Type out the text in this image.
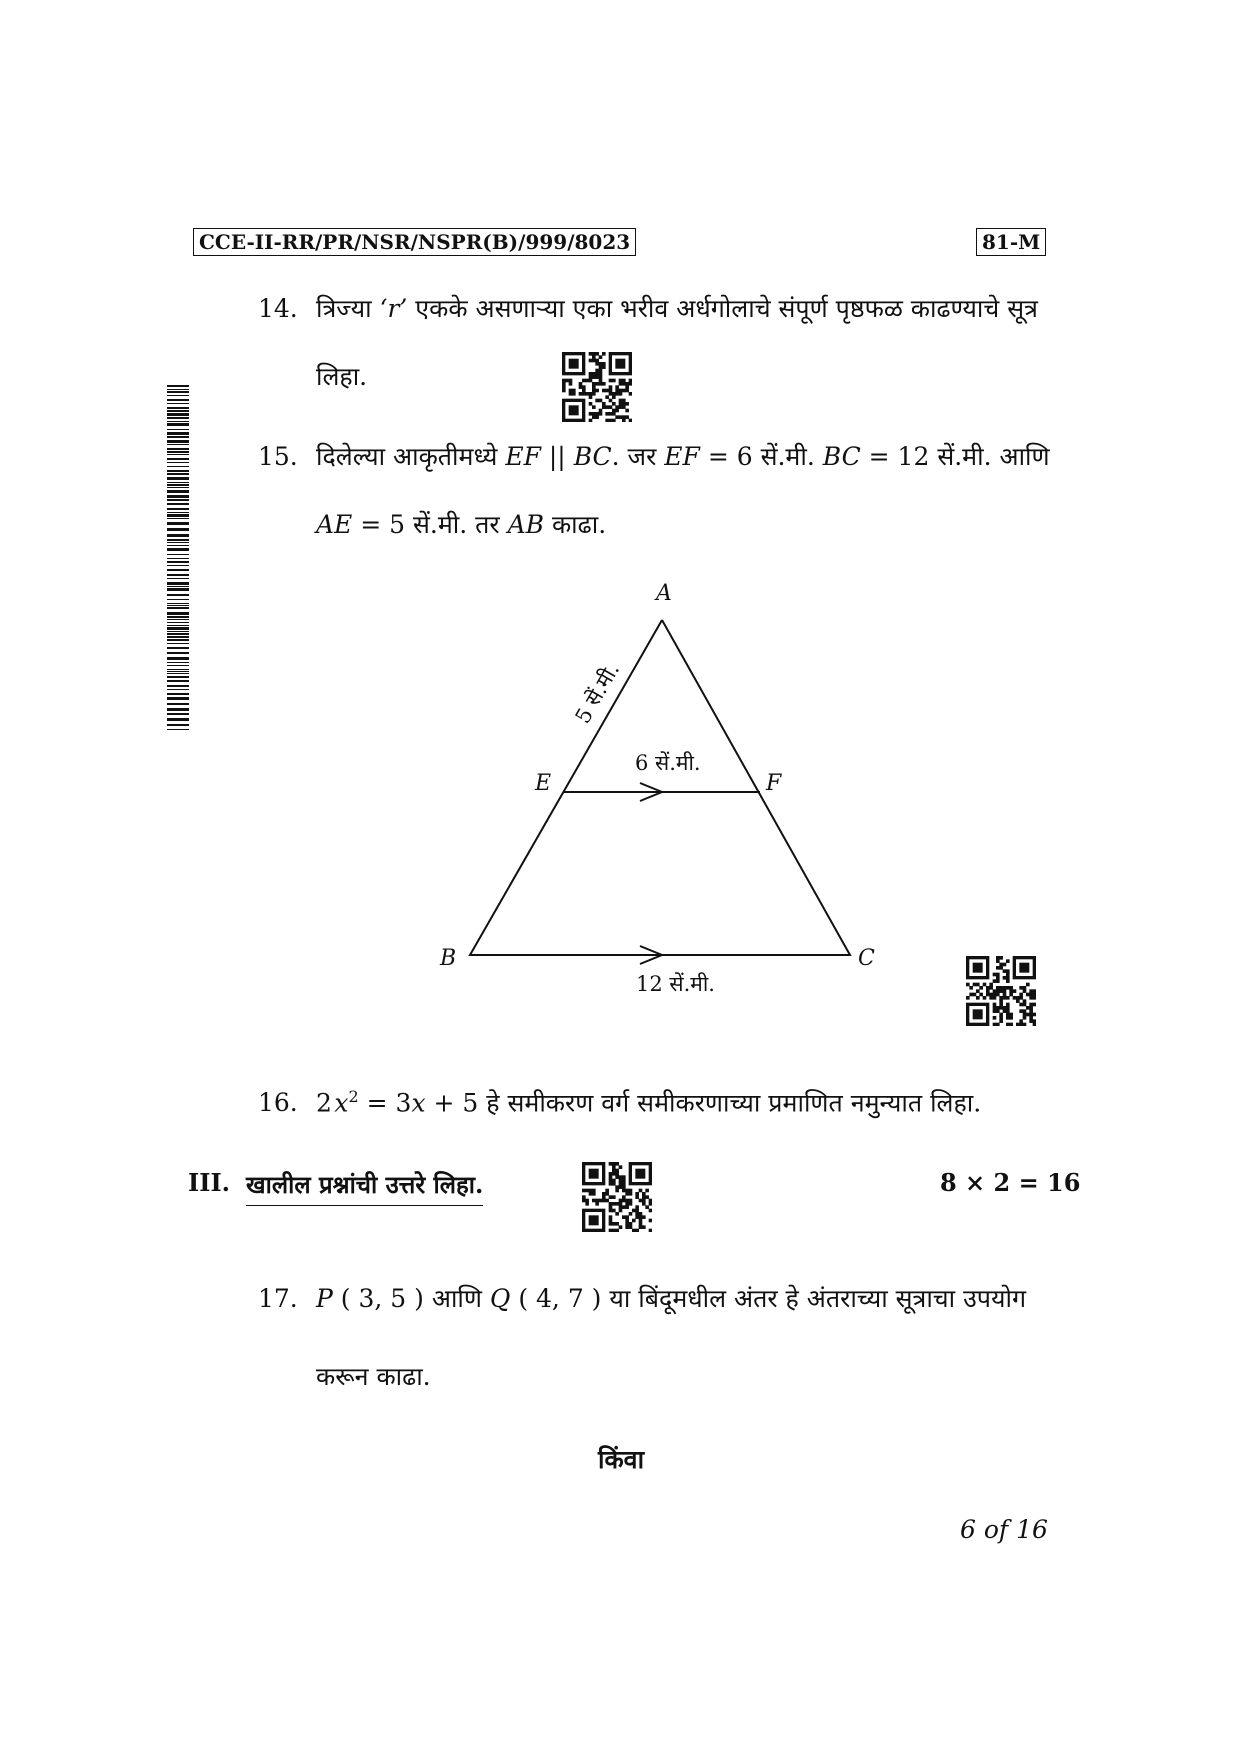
CCE-II-RR/PR/NSR/NSPR(B)/999/8023	81-M
14. त्रिज्या ‘r’ एकके असणाऱ्या एका भरीव अर्धगोलाचे संपूर्ण पृष्ठफळ काढण्याचे सूत्र
लिहा.
15. दिलेल्या आकृतीमध्ये EF || BC. जर EF = 6 सें.मी. BC = 12 सें.मी. आणि
AE = 5 सें.मी. तर AB काढा.
A
B	C
E	F
5 सें.मी.
6 सें.मी.
12 सें.मी.
16. 2  $x^2 = 3x + 5$ हे समीकरण वर्ग समीकरणाच्या प्रमाणित नमुन्यात लिहा.
III. खालील प्रश्नांची उत्तरे लिहा.	8 × 2 = 16
17. P ( 3, 5 ) आणि Q ( 4, 7 ) या बिंदूमधील अंतर हे अंतराच्या सूत्राचा उपयोग
करून काढा.
किंवा
6 of 16
